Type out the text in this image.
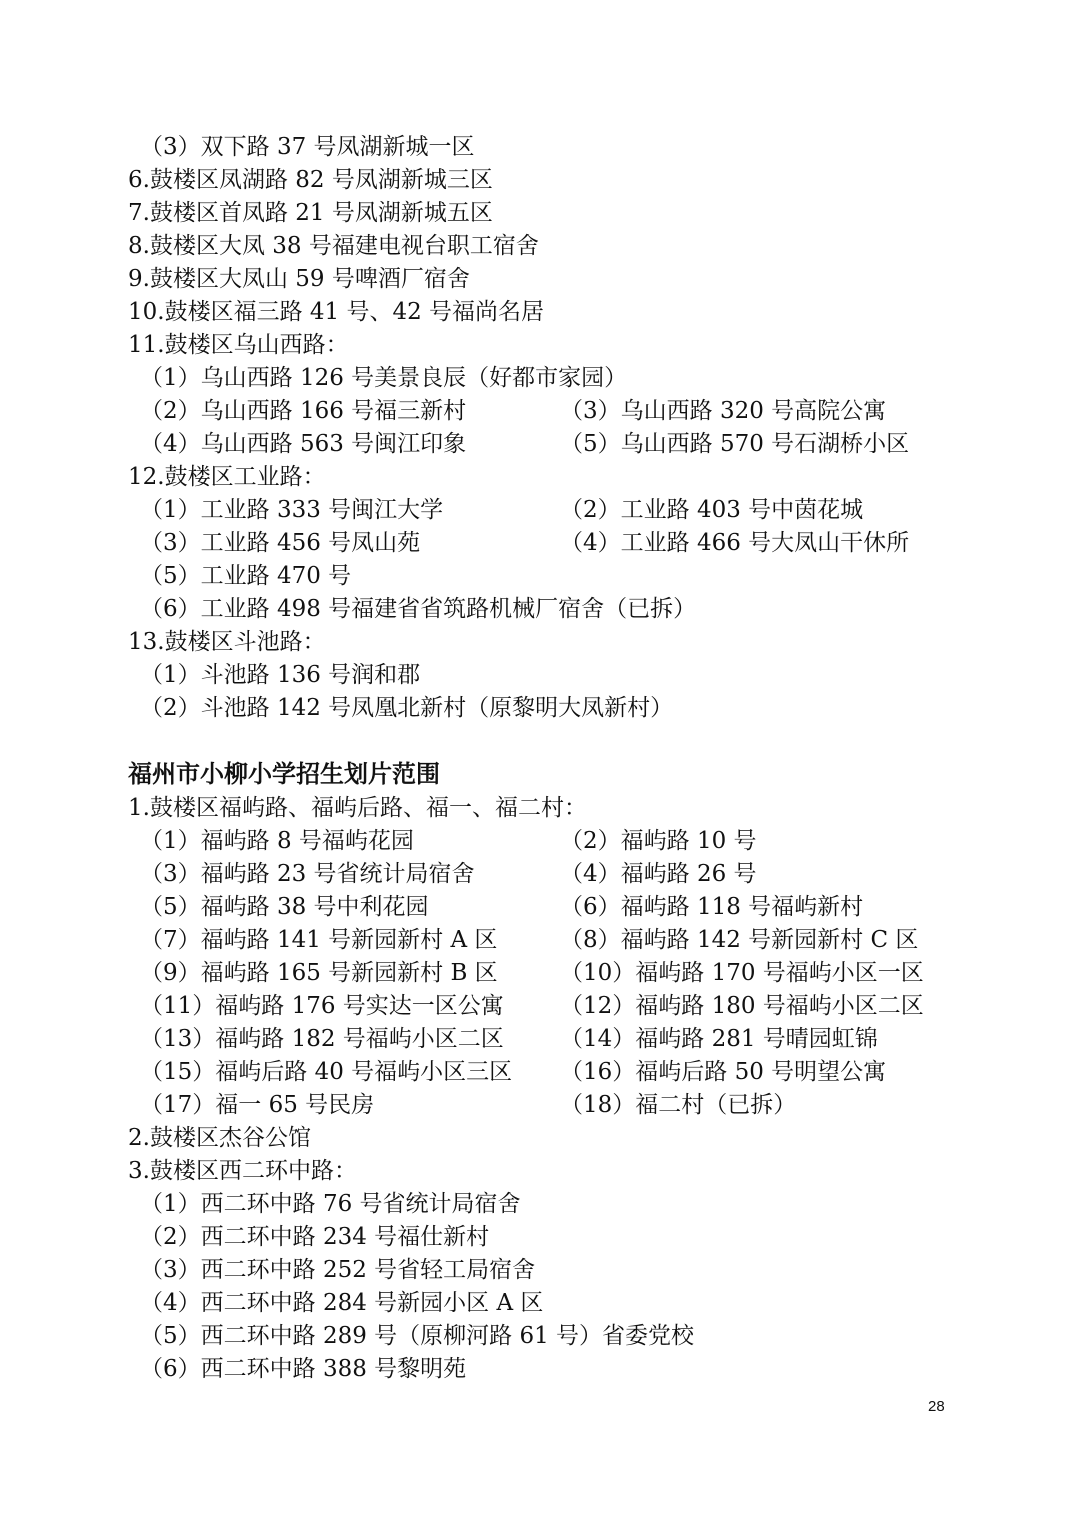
（3）双下路 37 号凤湖新城一区
6.鼓楼区凤湖路 82 号凤湖新城三区
7.鼓楼区首凤路 21 号凤湖新城五区
8.鼓楼区大凤 38 号福建电视台职工宿舍
9.鼓楼区大凤山 59 号啤酒厂宿舍
10.鼓楼区福三路 41 号、42 号福尚名居
11.鼓楼区乌山西路：
（1）乌山西路 126 号美景良辰（好都市家园）
（2）乌山西路 166 号福三新村	（3）乌山西路 320 号高院公寓
（4）乌山西路 563 号闽江印象	（5）乌山西路 570 号石湖桥小区
12.鼓楼区工业路：
（1）工业路 333 号闽江大学	（2）工业路 403 号中茵花城
（3）工业路 456 号凤山苑	（4）工业路 466 号大凤山干休所
（5）工业路 470 号
（6）工业路 498 号福建省省筑路机械厂宿舍（已拆）
13.鼓楼区斗池路：
（1）斗池路 136 号润和郡
（2）斗池路 142 号凤凰北新村（原黎明大凤新村）
福州市小柳小学招生划片范围
1.鼓楼区福屿路、福屿后路、福一、福二村：
（1）福屿路 8 号福屿花园	（2）福屿路 10 号
（3）福屿路 23 号省统计局宿舍	（4）福屿路 26 号
（5）福屿路 38 号中利花园	（6）福屿路 118 号福屿新村
（7）福屿路 141 号新园新村 A 区	（8）福屿路 142 号新园新村 C 区
（9）福屿路 165 号新园新村 B 区	（10）福屿路 170 号福屿小区一区
（11）福屿路 176 号实达一区公寓 （12）福屿路 180 号福屿小区二区
（13）福屿路 182 号福屿小区二区 （14）福屿路 281 号晴园虹锦
（15）福屿后路 40 号福屿小区三区 （16）福屿后路 50 号明望公寓
（17）福一 65 号民房	（18）福二村（已拆）
2.鼓楼区杰谷公馆
3.鼓楼区西二环中路：
（1）西二环中路 76 号省统计局宿舍
（2）西二环中路 234 号福仕新村
（3）西二环中路 252 号省轻工局宿舍
（4）西二环中路 284 号新园小区 A 区
（5）西二环中路 289 号（原柳河路 61 号）省委党校
（6）西二环中路 388 号黎明苑
28
